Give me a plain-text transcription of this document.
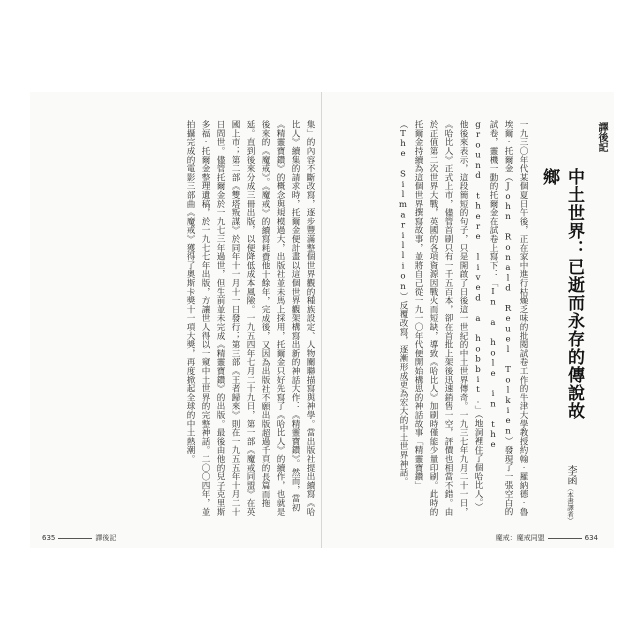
集」的內容不斷改寫，逐步豐滿整個世界觀的種族設定、人物關聯描寫與神學。當出版社提出續寫《哈比人》續集的請求時，托爾金便計畫以這個世界觀架構寫出新的神話大作：《精靈寶鑽》。然而，當初《精靈寶鑽》的概念與規模過大，出版社並未馬上採用，托爾金只好先寫了《哈比人》的續作，也就是後來的《魔戒》。《魔戒》的續寫耗費他十餘年，完成後，又因為出版社不願出版超過千頁的長篇而拖延。直到後來分成三冊出版，以便降低成本風險。一九五四年七月二十九日，第一部《魔戒同盟》在英國上市；第二部《雙塔叛謀》於同年十一月十一日發行；第三部《王者歸來》則在一九五五年十月二十日問世。儘管托爾金於一九七三年過世，但生前並未完成《精靈寶鑽》的出版。最後由他的兒子克里斯多福‧托爾金整理遺稿，於一九七七年出版，方讓世人得以一窺中土世界的完整神話。二〇〇四年，並拍攝完成的電影三部曲《魔戒》獲得了奧斯卡獎十一項大獎，再度掀起全球的中土熱潮。	一九三〇年代某個夏日午後，正在家中進行枯燥乏味的批閱試卷工作的牛津大學教授約翰‧羅納德‧魯埃爾‧托爾金（John Ronald Reuel Tolkien）發現了一張空白的試卷，靈機一動的托爾金在試卷上寫下：「In a hole in the ground there lived a hobbit.」（地洞裡住了個哈比人。）他後來表示，這段簡短的句子，只是開啟了日後這一世紀的中土世界傳奇。一九三七年九月二十一日，《哈比人》正式上市，儘管首刷只有一千五百本，卻在首批上架後迅速銷售一空，評價也相當不錯。由於正值第二次世界大戰，英國的各項資源因戰火而短缺，導致《哈比人》加刷時僅能少量印刷。此時的托爾金持續為這個世界撰寫故事，並將自己從一九一〇年代便開始構思的神話故事「精靈寶鑽」（The Silmarillion）反覆改寫，逐漸形成更為宏大的中土世界神話。	譯後記
中土世界：已逝而永存的傳說故鄉
李函（本書譯者）
635	譯後記	魔戒：魔戒同盟	634
